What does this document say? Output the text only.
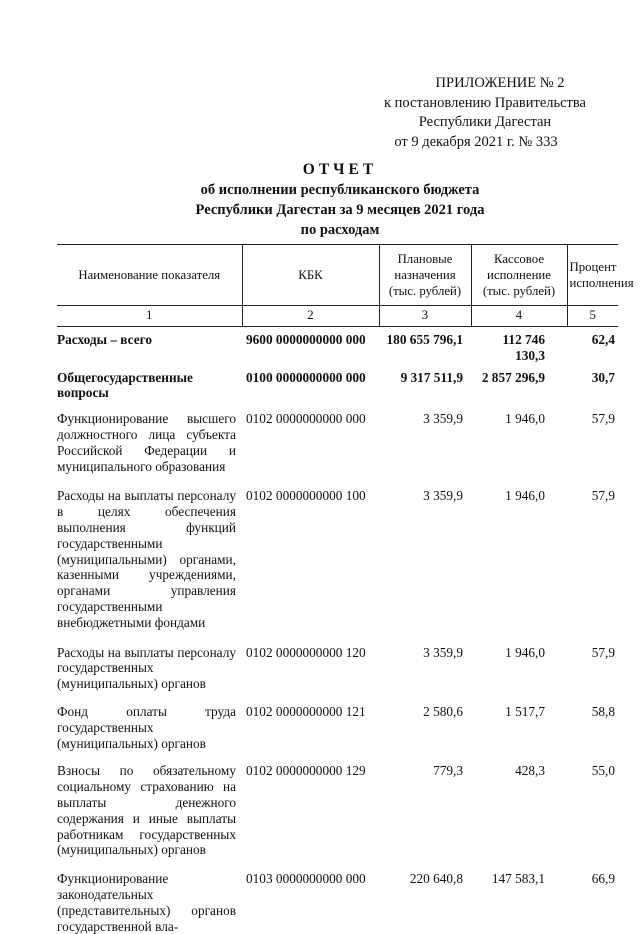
ПРИЛОЖЕНИЕ № 2
к постановлению Правительства
Республики Дагестан
от 9 декабря 2021 г. № 333
ОТЧЕТ
об исполнении республиканского бюджета
Республики Дагестан за 9 месяцев 2021 года
по расходам
Наименование показателя	КБК	Плановые назначения (тыс. рублей)	Кассовое исполнение (тыс. рублей)	Процент исполнения
1	2	3	4	5
Расходы – всего	9600 0000000000 000	180 655 796,1	112 746 130,3	62,4
Общегосударственные вопросы	0100 0000000000 000	9 317 511,9	2 857 296,9	30,7
Функционирование высшего должностного лица субъекта Российской Федерации и муниципального образования	0102 0000000000 000	3 359,9	1 946,0	57,9
Расходы на выплаты персоналу в целях обеспечения выполнения функций государственными (муниципальными) органами, казенными учреждениями, органами управления государственными внебюджетными фондами	0102 0000000000 100	3 359,9	1 946,0	57,9
Расходы на выплаты персоналу государственных (муниципальных) органов	0102 0000000000 120	3 359,9	1 946,0	57,9
Фонд оплаты труда государственных (муниципальных) органов	0102 0000000000 121	2 580,6	1 517,7	58,8
Взносы по обязательному социальному страхованию на выплаты денежного содержания и иные выплаты работникам государственных (муниципальных) органов	0102 0000000000 129	779,3	428,3	55,0
Функционирование законодательных (представительных) органов государственной вла-	0103 0000000000 000	220 640,8	147 583,1	66,9
